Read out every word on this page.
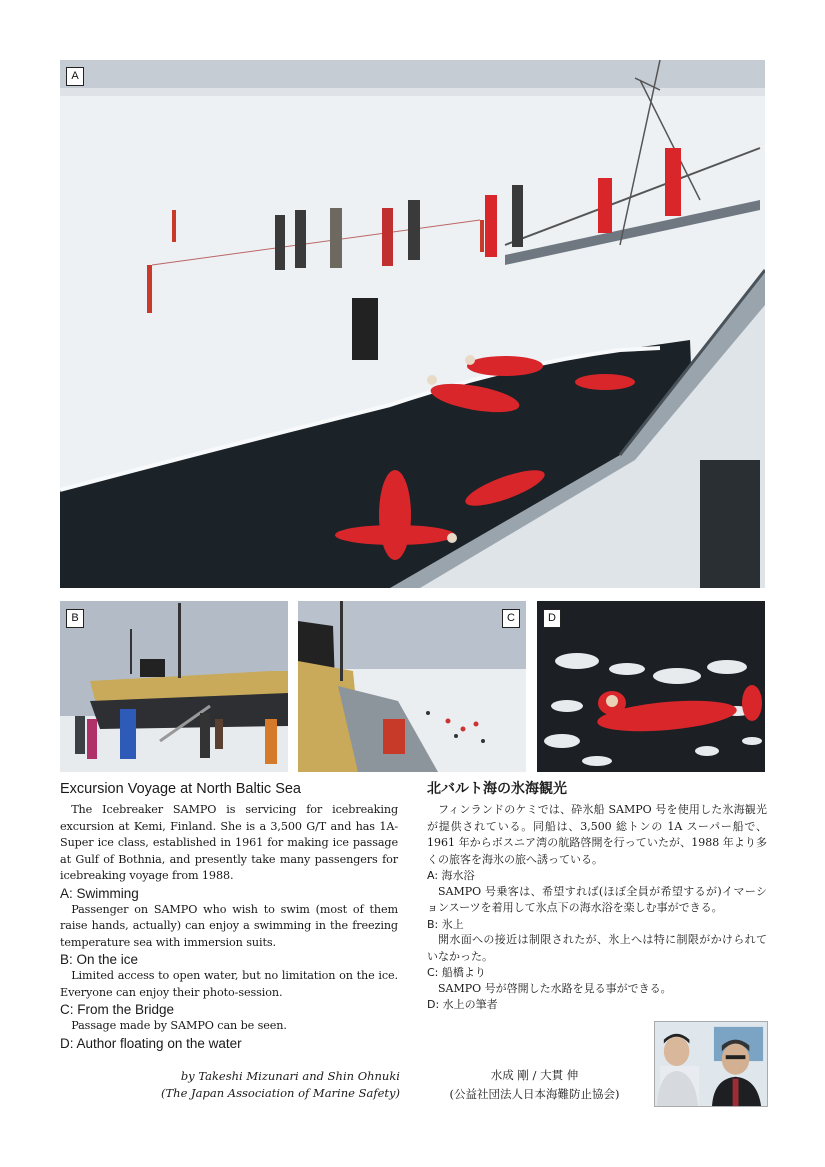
A
B	C	D
Excursion Voyage at North Baltic Sea

The Icebreaker SAMPO is servicing for icebreaking excursion at Kemi, Finland. She is a 3,500 G/T and has 1A-Super ice class, established in 1961 for making ice passage at Gulf of Bothnia, and presently take many passengers for icebreaking voyage from 1988.

A: Swimming

Passenger on SAMPO who wish to swim (most of them raise hands, actually) can enjoy a swimming in the freezing temperature sea with immersion suits.

B: On the ice

Limited access to open water, but no limitation on the ice. Everyone can enjoy their photo-session.

C: From the Bridge

Passage made by SAMPO can be seen.

D: Author floating on the water
北バルト海の氷海観光

フィンランドのケミでは、砕氷船 SAMPO 号を使用した氷海観光が提供されている。同船は、3,500 総トンの 1A スーパー船で、1961 年からボスニア湾の航路啓開を行っていたが、1988 年より多くの旅客を海氷の旅へ誘っている。

A: 海水浴

SAMPO 号乗客は、希望すれば(ほぼ全員が希望するが)イマーションスーツを着用して氷点下の海水浴を楽しむ事ができる。

B: 氷上

開水面への接近は制限されたが、氷上へは特に制限がかけられていなかった。

C: 船橋より

SAMPO 号が啓開した水路を見る事ができる。

D: 水上の筆者
by Takeshi Mizunari and Shin Ohnuki
(The Japan Association of Marine Safety)
水成 剛 / 大貫 伸
(公益社団法人日本海難防止協会)
